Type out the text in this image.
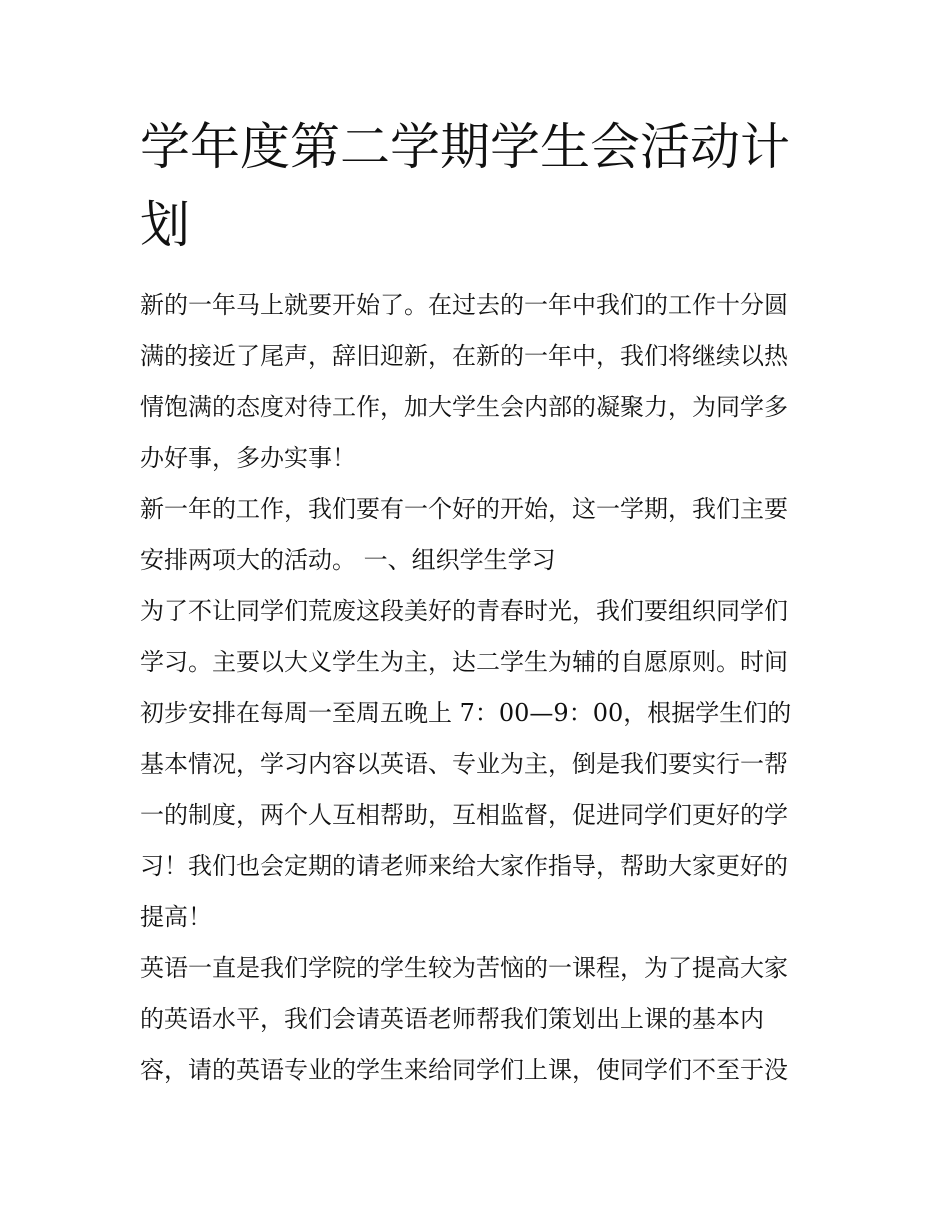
学年度第二学期学生会活动计
划

新的一年马上就要开始了。在过去的一年中我们的工作十分圆
满的接近了尾声，辞旧迎新，在新的一年中，我们将继续以热
情饱满的态度对待工作，加大学生会内部的凝聚力，为同学多
办好事，多办实事！

新一年的工作，我们要有一个好的开始，这一学期，我们主要
安排两项大的活动。 一、组织学生学习

为了不让同学们荒废这段美好的青春时光，我们要组织同学们
学习。主要以大义学生为主，达二学生为辅的自愿原则。时间
初步安排在每周一至周五晚上 7：00—9：00，根据学生们的
基本情况，学习内容以英语、专业为主，倒是我们要实行一帮
一的制度，两个人互相帮助，互相监督，促进同学们更好的学
习！我们也会定期的请老师来给大家作指导，帮助大家更好的
提高！

英语一直是我们学院的学生较为苦恼的一课程，为了提高大家
的英语水平，我们会请英语老师帮我们策划出上课的基本内
容，请的英语专业的学生来给同学们上课，使同学们不至于没
